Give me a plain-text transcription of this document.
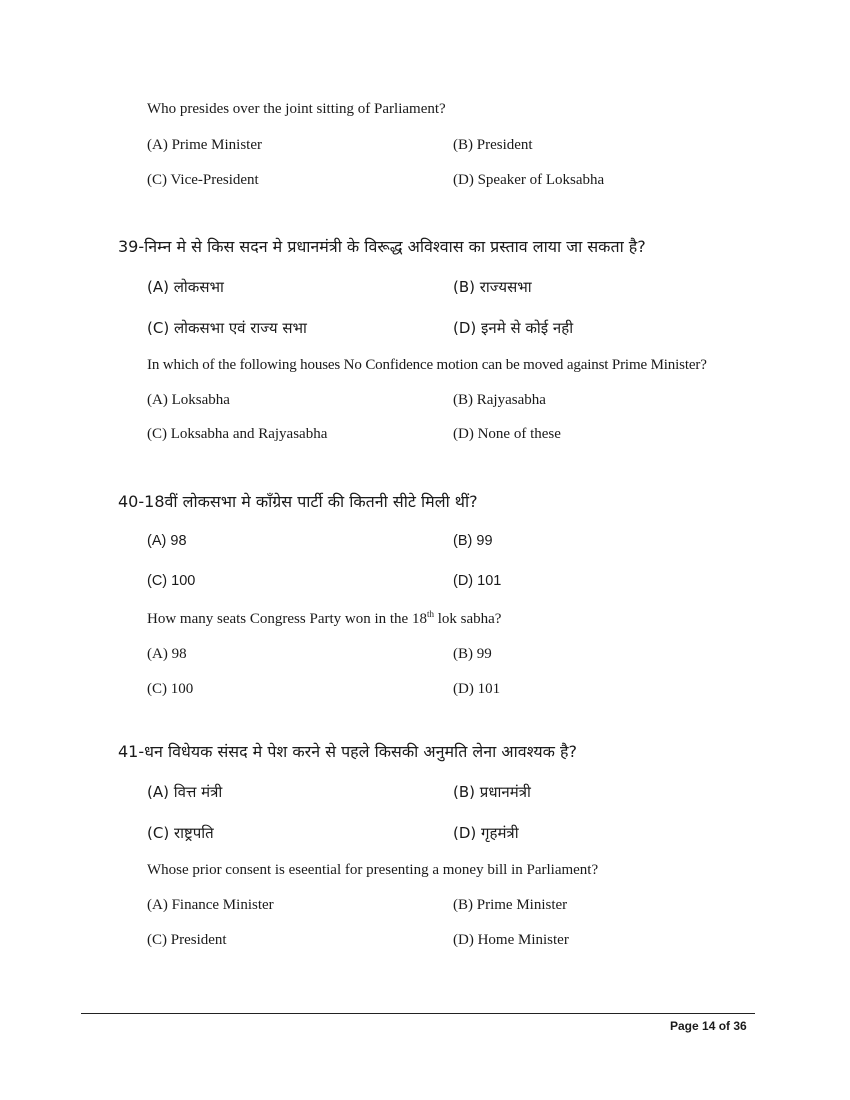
Who presides over the joint sitting of Parliament?
(A) Prime Minister	(B) President
(C) Vice-President	(D) Speaker of Loksabha
39-निम्न मे से किस सदन मे प्रधानमंत्री के विरूद्ध अविश्वास का प्रस्ताव लाया जा सकता है?
(A) लोकसभा	(B) राज्यसभा
(C) लोकसभा एवं राज्य सभा	(D) इनमे से कोई नही
In which of the following houses No Confidence motion can be moved against Prime Minister?
(A) Loksabha	(B) Rajyasabha
(C) Loksabha and Rajyasabha	(D) None of these
40-18वीं लोकसभा मे कॉंग्रेस पार्टी की कितनी सीटे मिली थीं?
(A) 98	(B) 99
(C) 100	(D) 101
How many seats Congress Party won in the 18th lok sabha?
(A) 98	(B) 99
(C) 100	(D) 101
41-धन विधेयक संसद मे पेश करने से पहले किसकी अनुमति लेना आवश्यक है?
(A) वित्त मंत्री	(B) प्रधानमंत्री
(C) राष्ट्रपति	(D) गृहमंत्री
Whose prior consent is eseential for presenting a money bill in Parliament?
(A) Finance Minister	(B) Prime Minister
(C) President	(D) Home Minister
Page 14 of 36
